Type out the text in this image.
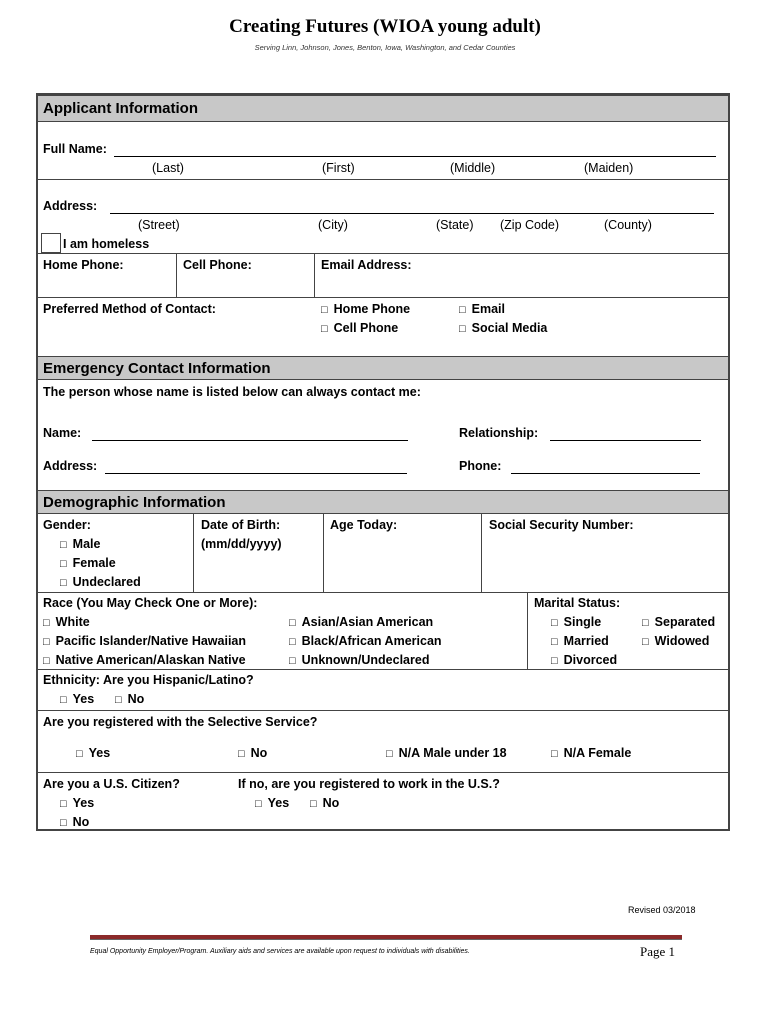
Creating Futures (WIOA young adult)
Serving Linn, Johnson, Jones, Benton, Iowa, Washington, and Cedar Counties
Applicant Information
Full Name:
(Last)	(First)	(Middle)	(Maiden)
Address:
(Street)	(City)	(State) (Zip Code)	(County)
I am homeless
Home Phone:	Cell Phone:	Email Address:
Preferred Method of Contact:	□ Home Phone
□ Cell Phone
□ Email
□ Social Media
Emergency Contact Information
The person whose name is listed below can always contact me:
Name:	Relationship:
Address:	Phone:
Demographic Information
Gender:
□ Male
□ Female
□ Undeclared
Date of Birth:
(mm/dd/yyyy)
Age Today:	Social Security Number:
Race (You May Check One or More):
□ White
□ Pacific Islander/Native Hawaiian
□ Native American/Alaskan Native
□ Asian/Asian American
□ Black/African American
□ Unknown/Undeclared
Marital Status:
□ Single
□ Married
□ Divorced
□ Separated
□ Widowed
Ethnicity: Are you Hispanic/Latino?
□ Yes □ No
Are you registered with the Selective Service?
□ Yes	□ No	□ N/A Male under 18	□ N/A Female
Are you a U.S. Citizen?
□ Yes
□ No
If no, are you registered to work in the U.S.?
□ Yes □ No
Revised 03/2018
Equal Opportunity Employer/Program. Auxiliary aids and services are available upon request to individuals with disabilities.	Page 1
